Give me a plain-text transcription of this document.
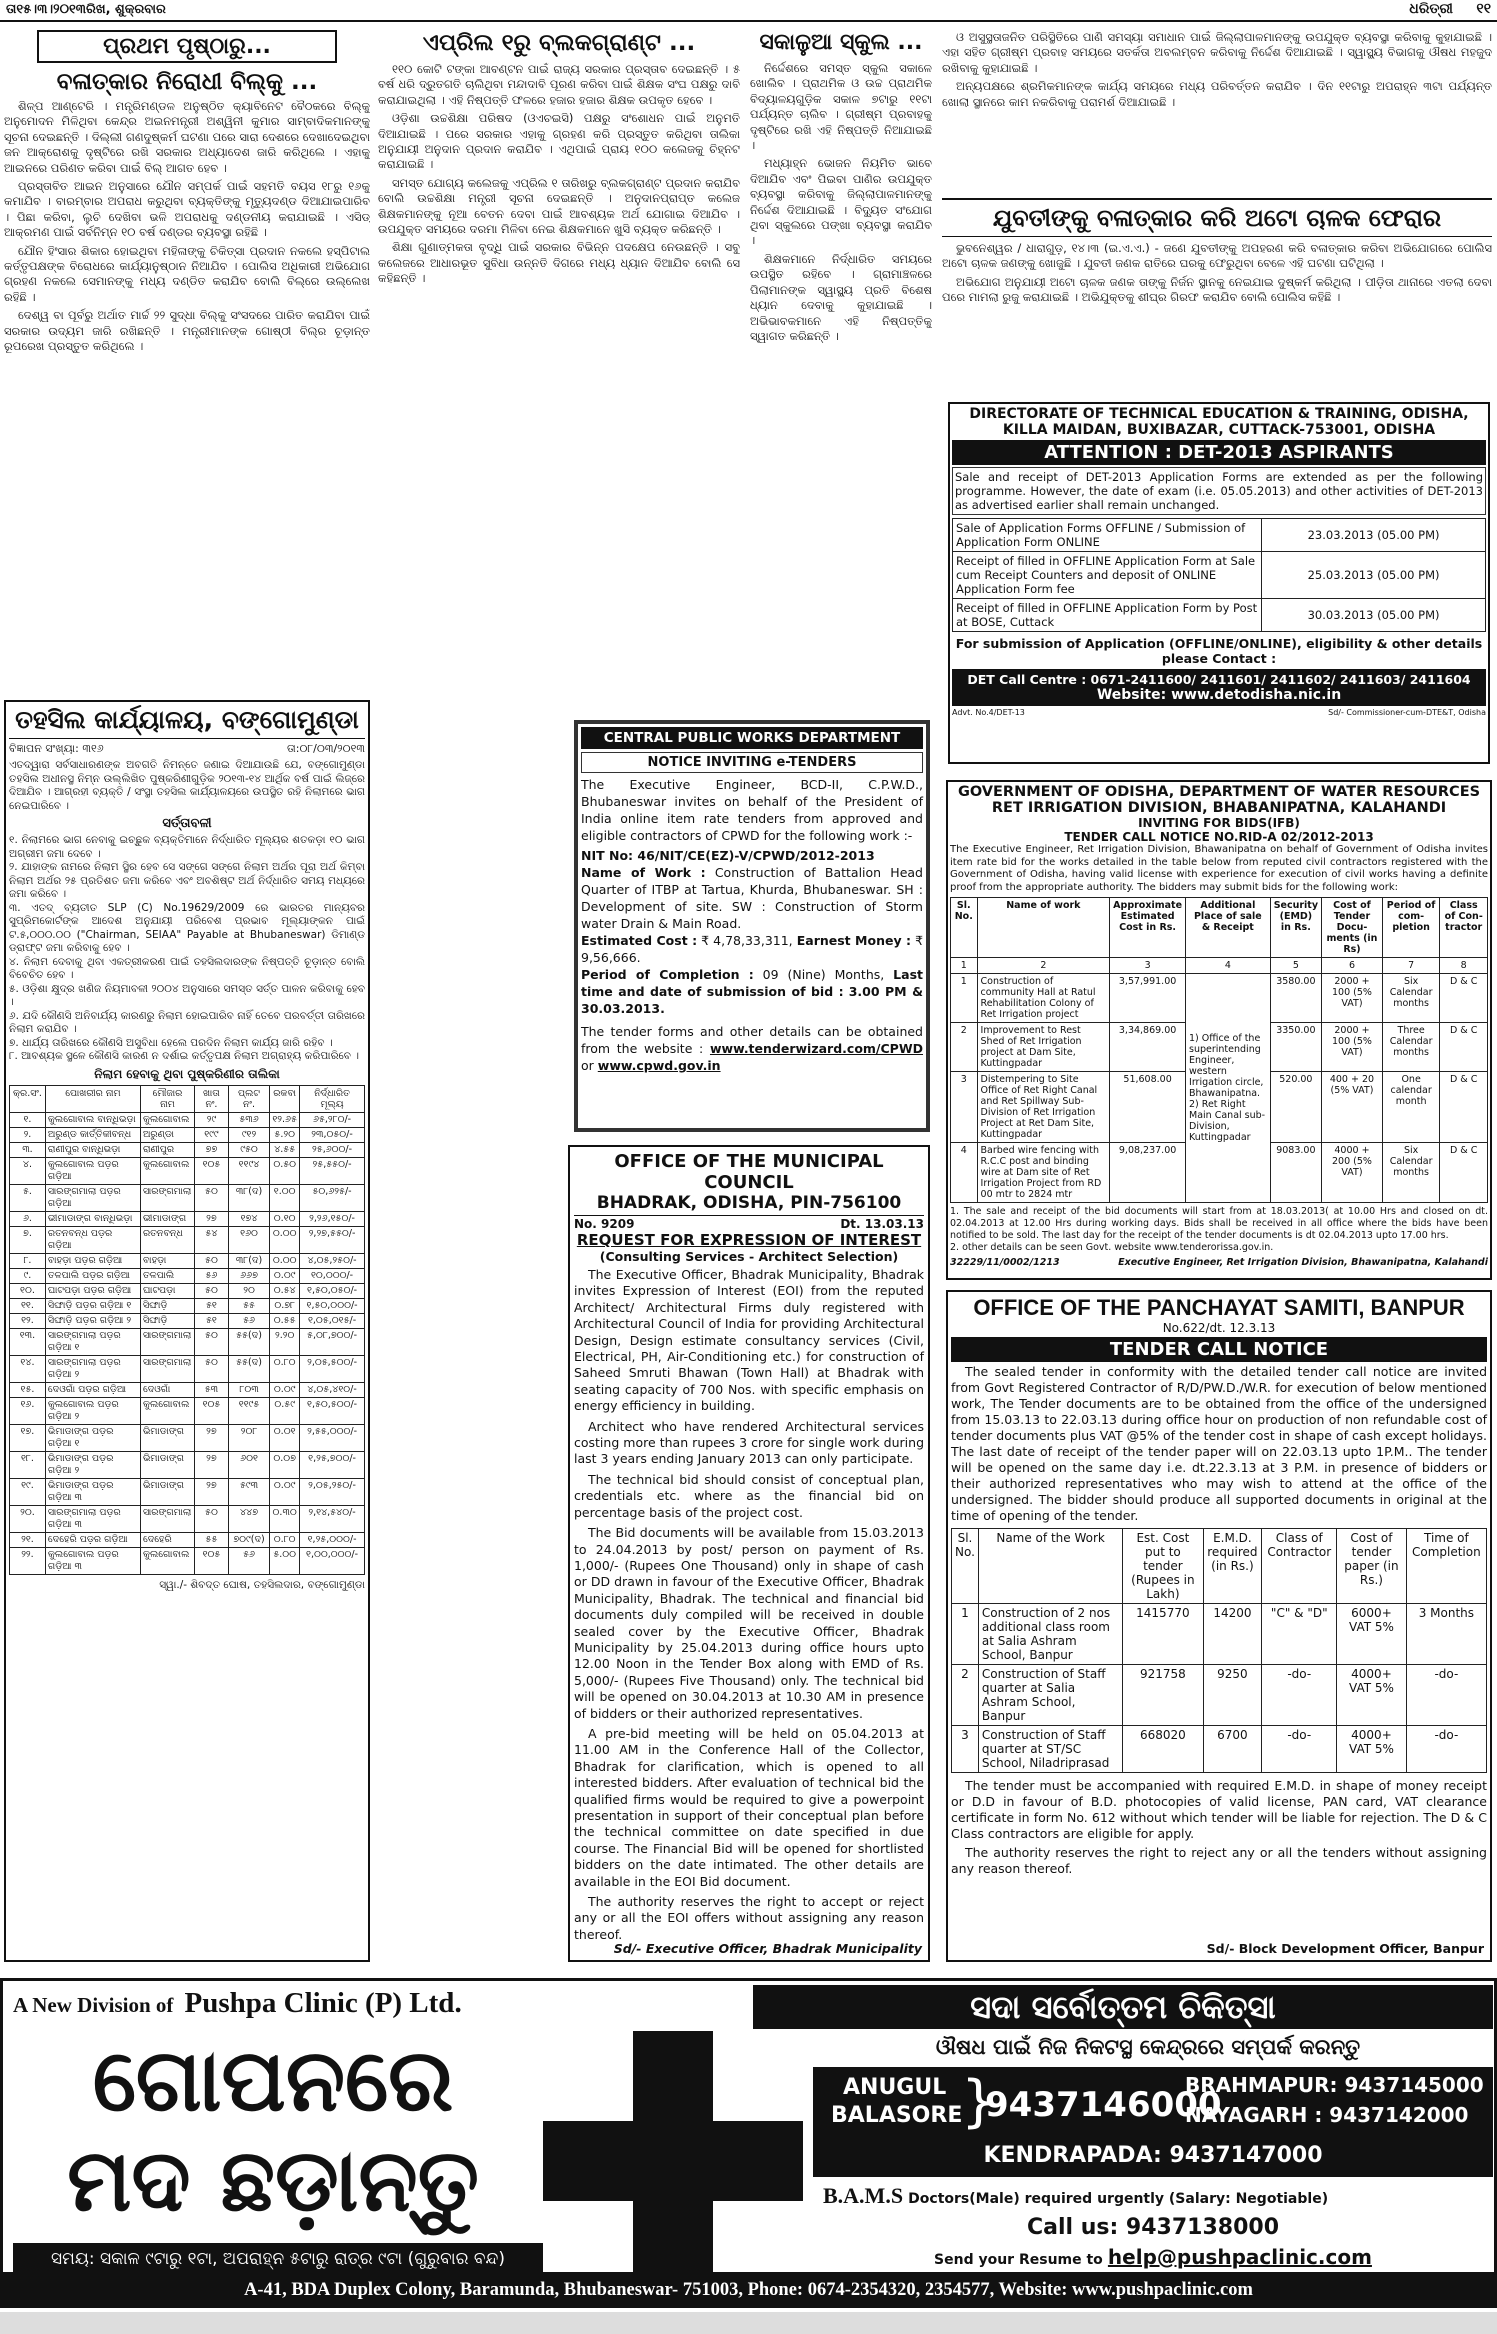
ତା୧୫।୩।୨୦୧୩ରିଖ, ଶୁକ୍ରବାର	ଧରିତ୍ରୀ ୧୧
ପ୍ରଥମ ପୃଷ୍ଠାରୁ...
ବଳାତ୍କାର ନିରୋଧୀ ବିଲ୍‌କୁ ...

ଶିଳ୍ପ ଆଣ୍ଟେରି । ମନ୍ତ୍ରିମଣ୍ଡଳ ଅନୁଷ୍ଠିତ କ୍ୟାବିନେଟ ବୈଠକରେ ବିଲ୍‌କୁ ଅନୁମୋଦନ ମିଳିଥିବା କେନ୍ଦ୍ର ଅଇନମନ୍ତ୍ରୀ ଅଶ୍ୱିନୀ କୁମାର ସାମ୍ବାଦିକମାନଙ୍କୁ ସୂଚନା ଦେଇଛନ୍ତି । ଦିଲ୍ଲୀ ଗଣଦୁଷ୍କର୍ମ ଘଟଣା ପରେ ସାରା ଦେଶରେ ଦେଖାଦେଇଥିବା ଜନ ଆକ୍ରୋଶକୁ ଦୃଷ୍ଟିରେ ରଖି ସରକାର ଅଧ୍ୟାଦେଶ ଜାରି କରିଥିଲେ । ଏହାକୁ ଆଇନରେ ପରିଣତ କରିବା ପାଇଁ ବିଲ୍ ଆଗତ ହେବ ।

ପ୍ରସ୍ତାବିତ ଆଇନ ଅନୁସାରେ ଯୌନ ସମ୍ପର୍କ ପାଇଁ ସହମତି ବୟସ ୧୮ରୁ ୧୬କୁ କମାଯିବ । ବାରମ୍ବାର ଅପରାଧ କରୁଥିବା ବ୍ୟକ୍ତିଙ୍କୁ ମୃତ୍ୟୁଦଣ୍ଡ ଦିଆଯାଇପାରିବ । ପିଛା କରିବା, ଲୁଚି ଦେଖିବା ଭଳି ଅପରାଧକୁ ଦଣ୍ଡନୀୟ କରାଯାଇଛି । ଏସିଡ୍ ଆକ୍ରମଣ ପାଇଁ ସର୍ବନିମ୍ନ ୧୦ ବର୍ଷ ଦଣ୍ଡର ବ୍ୟବସ୍ଥା ରହିଛି ।

ଯୌନ ହିଂସାର ଶିକାର ହୋଇଥିବା ମହିଳାଙ୍କୁ ଚିକିତ୍ସା ପ୍ରଦାନ ନକଲେ ହସ୍ପିଟାଲ କର୍ତ୍ତୃପକ୍ଷଙ୍କ ବିରୋଧରେ କାର୍ଯ୍ୟାନୁଷ୍ଠାନ ନିଆଯିବ । ପୋଲିସ ଅଧିକାରୀ ଅଭିଯୋଗ ଗ୍ରହଣ ନକଲେ ସେମାନଙ୍କୁ ମଧ୍ୟ ଦଣ୍ଡିତ କରାଯିବ ବୋଲି ବିଲ୍‌ରେ ଉଲ୍ଲେଖ ରହିଛି ।

ଦେଶ୍ୱ ବା ପୂର୍ବରୁ ଅର୍ଥାତ ମାର୍ଚ୍ଚ ୨୨ ସୁଦ୍ଧା ବିଲ୍‌କୁ ସଂସଦରେ ପାରିତ କରାଯିବା ପାଇଁ ସରକାର ଉଦ୍ୟମ ଜାରି ରଖିଛନ୍ତି । ମନ୍ତ୍ରୀମାନଙ୍କ ଗୋଷ୍ଠୀ ବିଲ୍‌ର ଚୂଡ଼ାନ୍ତ ରୂପରେଖ ପ୍ରସ୍ତୁତ କରିଥିଲେ ।

ଏପ୍ରିଲ ୧ରୁ ବ୍ଲକଗ୍ରାଣ୍ଟ ...

୧୧୦ କୋଟି ଟଙ୍କା ଆବଣ୍ଟନ ପାଇଁ ରାଜ୍ୟ ସରକାର ପ୍ରସ୍ତାବ ଦେଇଛନ୍ତି । ୫ ବର୍ଷ ଧରି ଦ୍ରୁତଗତି ଚାଲିଥିବା ମନ୍ଦାଦାବି ପୂରଣ କରିବା ପାଇଁ ଶିକ୍ଷକ ସଂଘ ପକ୍ଷରୁ ଦାବି କରାଯାଇଥିଲା । ଏହି ନିଷ୍ପତ୍ତି ଫଳରେ ହଜାର ହଜାର ଶିକ୍ଷକ ଉପକୃତ ହେବେ ।

ଓଡ଼ିଶା ଉଚ୍ଚଶିକ୍ଷା ପରିଷଦ (ଓଏଚଇସି) ପକ୍ଷରୁ ସଂଶୋଧନ ପାଇଁ ଅନୁମତି ଦିଆଯାଇଛି । ପରେ ସରକାର ଏହାକୁ ଗ୍ରହଣ କରି ପ୍ରସ୍ତୁତ କରିଥିବା ତାଲିକା ଅନୁଯାୟୀ ଅନୁଦାନ ପ୍ରଦାନ କରାଯିବ । ଏଥିପାଇଁ ପ୍ରାୟ ୧୦୦ କଲେଜକୁ ଚିହ୍ନଟ କରାଯାଇଛି ।

ସମସ୍ତ ଯୋଗ୍ୟ କଲେଜକୁ ଏପ୍ରିଲ ୧ ତାରିଖରୁ ବ୍ଲକଗ୍ରାଣ୍ଟ ପ୍ରଦାନ କରାଯିବ ବୋଲି ଉଚ୍ଚଶିକ୍ଷା ମନ୍ତ୍ରୀ ସୂଚନା ଦେଇଛନ୍ତି । ଅନୁଦାନପ୍ରାପ୍ତ କଲେଜ ଶିକ୍ଷକମାନଙ୍କୁ ନୂଆ ବେତନ ଦେବା ପାଇଁ ଆବଶ୍ୟକ ଅର୍ଥ ଯୋଗାଇ ଦିଆଯିବ । ଉପଯୁକ୍ତ ସମୟରେ ଦରମା ମିଳିବା ନେଇ ଶିକ୍ଷକମାନେ ଖୁସି ବ୍ୟକ୍ତ କରିଛନ୍ତି ।

ଶିକ୍ଷା ଗୁଣାତ୍ମକତା ବୃଦ୍ଧି ପାଇଁ ସରକାର ବିଭିନ୍ନ ପଦକ୍ଷେପ ନେଉଛନ୍ତି । ସବୁ କଲେଜରେ ଆଧାରଭୂତ ସୁବିଧା ଉନ୍ନତି ଦିଗରେ ମଧ୍ୟ ଧ୍ୟାନ ଦିଆଯିବ ବୋଲି ସେ କହିଛନ୍ତି ।

ସକାଳୁଆ ସ୍କୁଲ ...

ନିର୍ଦ୍ଦେଶରେ ସମସ୍ତ ସ୍କୁଲ ସକାଳେ ଖୋଲିବ । ପ୍ରାଥମିକ ଓ ଉଚ୍ଚ ପ୍ରାଥମିକ ବିଦ୍ୟାଳୟଗୁଡ଼ିକ ସକାଳ ୭ଟାରୁ ୧୧ଟା ପର୍ଯ୍ୟନ୍ତ ଚାଲିବ । ଗ୍ରୀଷ୍ମ ପ୍ରବାହକୁ ଦୃଷ୍ଟିରେ ରଖି ଏହି ନିଷ୍ପତ୍ତି ନିଆଯାଇଛି ।

ମଧ୍ୟାହ୍ନ ଭୋଜନ ନିୟମିତ ଭାବେ ଦିଆଯିବ ଏବଂ ପିଇବା ପାଣିର ଉପଯୁକ୍ତ ବ୍ୟବସ୍ଥା କରିବାକୁ ଜିଲ୍ଲାପାଳମାନଙ୍କୁ ନିର୍ଦ୍ଦେଶ ଦିଆଯାଇଛି । ବିଦ୍ୟୁତ ସଂଯୋଗ ଥିବା ସ୍କୁଲରେ ପଙ୍ଖା ବ୍ୟବସ୍ଥା କରାଯିବ ।

ଶିକ୍ଷକମାନେ ନିର୍ଦ୍ଧାରିତ ସମୟରେ ଉପସ୍ଥିତ ରହିବେ । ଗ୍ରାମାଞ୍ଚଳରେ ପିଲାମାନଙ୍କ ସ୍ୱାସ୍ଥ୍ୟ ପ୍ରତି ବିଶେଷ ଧ୍ୟାନ ଦେବାକୁ କୁହାଯାଇଛି । ଅଭିଭାବକମାନେ ଏହି ନିଷ୍ପତ୍ତିକୁ ସ୍ୱାଗତ କରିଛନ୍ତି ।

ଓ ଅସୁସ୍ଥତାଜନିତ ପରିସ୍ଥିତିରେ ପାଣି ସମସ୍ୟା ସମାଧାନ ପାଇଁ ଜିଲ୍ଲାପାଳମାନଙ୍କୁ ଉପଯୁକ୍ତ ବ୍ୟବସ୍ଥା କରିବାକୁ କୁହାଯାଇଛି । ଏହା ସହିତ ଗ୍ରୀଷ୍ମ ପ୍ରବାହ ସମୟରେ ସତର୍କତା ଅବଲମ୍ବନ କରିବାକୁ ନିର୍ଦ୍ଦେଶ ଦିଆଯାଇଛି । ସ୍ୱାସ୍ଥ୍ୟ ବିଭାଗକୁ ଔଷଧ ମହଜୁଦ ରଖିବାକୁ କୁହାଯାଇଛି ।

ଅନ୍ୟପକ୍ଷରେ ଶ୍ରମିକମାନଙ୍କ କାର୍ଯ୍ୟ ସମୟରେ ମଧ୍ୟ ପରିବର୍ତ୍ତନ କରାଯିବ । ଦିନ ୧୧ଟାରୁ ଅପରାହ୍ନ ୩ଟା ପର୍ଯ୍ୟନ୍ତ ଖୋଲା ସ୍ଥାନରେ କାମ ନକରିବାକୁ ପରାମର୍ଶ ଦିଆଯାଇଛି ।

ଯୁବତୀଙ୍କୁ ବଳାତ୍କାର କରି ଅଟୋ ଚାଳକ ଫେରାର

ଭୁବନେଶ୍ୱର / ଧାରାଗୁଡ଼, ୧୪।୩ (ଇ.ଏ.ଏ.) - ଜଣେ ଯୁବତୀଙ୍କୁ ଅପହରଣ କରି ବଳାତ୍କାର କରିବା ଅଭିଯୋଗରେ ପୋଲିସ ଅଟୋ ଚାଳକ ଜଣଙ୍କୁ ଖୋଜୁଛି । ଯୁବତୀ ଜଣକ ରାତିରେ ଘରକୁ ଫେରୁଥିବା ବେଳେ ଏହି ଘଟଣା ଘଟିଥିଲା ।

ଅଭିଯୋଗ ଅନୁଯାୟୀ ଅଟୋ ଚାଳକ ଜଣକ ତାଙ୍କୁ ନିର୍ଜନ ସ୍ଥାନକୁ ନେଇଯାଇ ଦୁଷ୍କର୍ମ କରିଥିଲା । ପୀଡ଼ିତା ଥାନାରେ ଏତଲା ଦେବା ପରେ ମାମଲା ରୁଜୁ କରାଯାଇଛି । ଅଭିଯୁକ୍ତକୁ ଶୀଘ୍ର ଗିରଫ କରାଯିବ ବୋଲି ପୋଲିସ କହିଛି ।

DIRECTORATE OF TECHNICAL EDUCATION & TRAINING, ODISHA,
KILLA MAIDAN, BUXIBAZAR, CUTTACK-753001, ODISHA
ATTENTION : DET-2013 ASPIRANTS
Sale and receipt of DET-2013 Application Forms are extended as per the following programme. However, the date of exam (i.e. 05.05.2013) and other activities of DET-2013 as advertised earlier shall remain unchanged.
Sale of Application Forms OFFLINE / Submission of Application Form ONLINE	23.03.2013 (05.00 PM)
Receipt of filled in OFFLINE Application Form at Sale cum Receipt Counters and deposit of ONLINE Application Form fee	25.03.2013 (05.00 PM)
Receipt of filled in OFFLINE Application Form by Post at BOSE, Cuttack	30.03.2013 (05.00 PM)
For submission of Application (OFFLINE/ONLINE), eligibility & other details please Contact :
DET Call Centre : 0671-2411600/ 2411601/ 2411602/ 2411603/ 2411604
Website: www.detodisha.nic.in
Advt. No.4/DET-13	Sd/- Commissioner-cum-DTE&T, Odisha
ତହସିଲ କାର୍ଯ୍ୟାଳୟ, ବଙ୍ଗୋମୁଣ୍ଡା
ବିଜ୍ଞାପନ ସଂଖ୍ୟା: ୩୧୬	ତା:୦୮/୦୩/୨୦୧୩
ଏତଦ୍ୱାରା ସର୍ବସାଧାରଣଙ୍କ ଅବଗତି ନିମନ୍ତେ ଜଣାଇ ଦିଆଯାଉଛି ଯେ, ବଙ୍ଗୋମୁଣ୍ଡା ତହସିଲ ଅଧୀନସ୍ଥ ନିମ୍ନ ଉଲ୍ଲିଖିତ ପୁଷ୍କରିଣୀଗୁଡ଼ିକ ୨୦୧୩-୧୪ ଆର୍ଥିକ ବର୍ଷ ପାଇଁ ଲିଜ୍‌ରେ ଦିଆଯିବ । ଆଗ୍ରହୀ ବ୍ୟକ୍ତି / ସଂସ୍ଥା ତହସିଲ କାର୍ଯ୍ୟାଳୟରେ ଉପସ୍ଥିତ ରହି ନିଲାମରେ ଭାଗ ନେଇପାରିବେ ।
ସର୍ତ୍ତାବଳୀ
୧. ନିଲାମରେ ଭାଗ ନେବାକୁ ଇଚ୍ଛୁକ ବ୍ୟକ୍ତିମାନେ ନିର୍ଦ୍ଧାରିତ ମୂଲ୍ୟର ଶତକଡ଼ା ୧୦ ଭାଗ ଅଗ୍ରୀମ ଜମା ଦେବେ ।
୨. ଯାହାଙ୍କ ନାମରେ ନିଲାମ ସ୍ଥିର ହେବ ସେ ସଙ୍ଗେ ସଙ୍ଗେ ନିଲାମ ଅର୍ଥର ପୂରା ଅର୍ଥ କିମ୍ବା ନିଲାମ ଅର୍ଥର ୨୫ ପ୍ରତିଶତ ଜମା କରିବେ ଏବଂ ଅବଶିଷ୍ଟ ଅର୍ଥ ନିର୍ଦ୍ଧାରିତ ସମୟ ମଧ୍ୟରେ ଜମା କରିବେ ।
୩. ଏତଦ୍ ବ୍ୟତୀତ SLP (C) No.19629/2009 ରେ ଭାରତର ମାନ୍ୟବର ସୁପ୍ରିମକୋର୍ଟଙ୍କ ଆଦେଶ ଅନୁଯାୟୀ ପରିବେଶ ପ୍ରଭାବ ମୂଲ୍ୟାଙ୍କନ ପାଇଁ ଟ.୫,୦୦୦.୦୦ ("Chairman, SEIAA" Payable at Bhubaneswar) ଡିମାଣ୍ଡ ଡ୍ରାଫ୍ଟ ଜମା କରିବାକୁ ହେବ ।
୪. ନିଲାମ ଦେବାକୁ ଥିବା ଏକତ୍ରୀକରଣ ପାଇଁ ତହସିଲଦାରଙ୍କ ନିଷ୍ପତ୍ତି ଚୂଡ଼ାନ୍ତ ବୋଲି ବିବେଚିତ ହେବ ।
୫. ଓଡ଼ିଶା କ୍ଷୁଦ୍ର ଖଣିଜ ନିୟମାବଳୀ ୨୦୦୪ ଅନୁସାରେ ସମସ୍ତ ସର୍ତ୍ତ ପାଳନ କରିବାକୁ ହେବ ।
୬. ଯଦି କୌଣସି ଅନିବାର୍ଯ୍ୟ କାରଣରୁ ନିଲାମ ହୋଇପାରିବ ନାହିଁ ତେବେ ପରବର୍ତ୍ତୀ ତାରିଖରେ ନିଲାମ କରାଯିବ ।
୭. ଧାର୍ଯ୍ୟ ତାରିଖରେ କୌଣସି ଅସୁବିଧା ହେଲେ ପରଦିନ ନିଲାମ କାର୍ଯ୍ୟ ଜାରି ରହିବ ।
୮. ଆବଶ୍ୟକ ସ୍ଥଳେ କୌଣସି କାରଣ ନ ଦର୍ଶାଇ କର୍ତ୍ତୃପକ୍ଷ ନିଲାମ ଅଗ୍ରାହ୍ୟ କରିପାରିବେ ।
ନିଲାମ ହେବାକୁ ଥିବା ପୁଷ୍କରିଣୀର ତାଲିକା
କ୍ର.ସଂ.	ପୋଖରୀର ନାମ	ମୌଜାର ନାମ	ଖାତା ନଂ.	ପ୍ଲଟ ନଂ.	ରକବା	ନିର୍ଦ୍ଧାରିତ ମୂଲ୍ୟ
୧.	କୁଲଗୋବାଲ ବାନ୍ଧିଭଡ଼ା	କୁଲଗୋବାଲ	୨୯	୫୩୬	୧୨.୬୫	୬୫,୨୮୦/-
୨.	ଅରୁଣ୍ଡ କାର୍ତ୍ତିକୀବନ୍ଧ	ଅରୁଣ୍ଡା	୧୯୯	୯୧୨	୫.୨୦	୨୩,୦୫୦/-
୩.	ରାଣୀପୁର ବାନ୍ଧିଭଡ଼ା	ରାଣୀପୁର	୭୭	୯୫୦	୪.୫୫	୨୫,୬୦୦/-
୪.	କୁଲଗୋବାଲ ପଡ଼ର ଗଡ଼ିଆ	କୁଲଗୋବାଲ	୧୦୫	୧୧୯୪	୦.୫୦	୨୫,୫୫୦/-
୫.	ସାରଙ୍ଗମାଲା ପଡ଼ର ଗଡ଼ିଆ	ସାରଙ୍ଗମାଲା	୫୦	୩୮(ଦ)	୧.୦୦	୫୦,୬୨୫/-
୬.	ଭୀମାଡାଙ୍ଗ ବାନ୍ଧିଭଡ଼ା	ଭୀମାଡାଙ୍ଗ	୨୭	୧୭୪	୦.୧୦	୨,୨୬,୧୫୦/-
୭.	ରତନବନ୍ଧ ପଡ଼ର ଗଡ଼ିଆ	ରତନବନ୍ଧ	୫୪	୧୬୦	୦.୦୦	୨,୨୭,୫୫୦/-
୮.	ବାହଡ଼ା ପଡ଼ର ଗଡ଼ିଆ	ବାହଡ଼ା	୫୦	୩୮(ଦ)	୦.୦୦	୪,୦୫,୨୫୦/-
୯.	ତଳପାଲି ପଡ଼ର ଗଡ଼ିଆ	ତଳପାଲି	୫୬	୬୬୭	୦.୦୯	୧୦,୦୦୦/-
୧୦.	ଘାଟପଡ଼ା ପଡ଼ର ଗଡ଼ିଆ	ଘାଟପଡ଼ା	୫୦	୨୦	୦.୫୪	୧,୫୦,୦୫୦/-
୧୧.	ସିଙ୍ଘାଡ଼ି ପଡ଼ର ଗଡ଼ିଆ ୧	ସିଙ୍ଘାଡ଼ି	୫୧	୫୫	୦.୭୮	୧,୫୦,୦୦୦/-
୧୨.	ସିଙ୍ଘାଡ଼ି ପଡ଼ର ଗଡ଼ିଆ ୨	ସିଙ୍ଘାଡ଼ି	୫୧	୫୬	୦.୫୫	୧,୦୫,୦୧୫/-
୧୩.	ସାରଙ୍ଗମାଲା ପଡ଼ର ଗଡ଼ିଆ ୧	ସାରଙ୍ଗମାଲା	୫୦	୫୫(ଦ)	୨.୨୦	୫,୦୮,୭୦୦/-
୧୪.	ସାରଙ୍ଗମାଲା ପଡ଼ର ଗଡ଼ିଆ ୨	ସାରଙ୍ଗମାଲା	୫୦	୫୫(ଦ)	୦.୮୦	୨,୦୫,୫୦୦/-
୧୫.	ଦେଓଗାଁ ପଡ଼ର ଗଡ଼ିଆ	ଦେଓଗାଁ	୫୩	୮୦୩	୦.୦୯	୪,୦୫,୪୧୦/-
୧୬.	କୁଲଗୋବାଲ ପଡ଼ର ଗଡ଼ିଆ ୨	କୁଲଗୋବାଲ	୧୦୫	୧୧୯୫	୦.୫୯	୧,୫୦,୫୦୦/-
୧୭.	ଭିମାଡାଙ୍ଗ ପଡ଼ର ଗଡ଼ିଆ ୧	ଭିମାଡାଙ୍ଗ	୨୭	୨୦୮	୦.୦୧	୨,୫୫,୦୦୦/-
୧୮.	ଭିମାଡାଙ୍ଗ ପଡ଼ର ଗଡ଼ିଆ ୨	ଭିମାଡାଙ୍ଗ	୨୭	୬୦୧	୦.୦୭	୧,୨୫,୭୦୦/-
୧୯.	ଭିମାଡାଙ୍ଗ ପଡ଼ର ଗଡ଼ିଆ ୩	ଭିମାଡାଙ୍ଗ	୨୭	୫୯୩	୦.୦୯	୨,୦୫,୨୫୦/-
୨୦.	ସାରଙ୍ଗମାଲା ପଡ଼ର ଗଡ଼ିଆ ୩	ସାରଙ୍ଗମାଲା	୫୦	୪୪୭	୦.୩୦	୨,୧୪,୫୪୦/-
୨୧.	ଦେହେରି ପଡ଼ର ଗଡ଼ିଆ	ଦେହେରି	୫୫	୭୦୯(ଦ)	୦.୮୦	୧,୨୫,୦୦୦/-
୨୨.	କୁଲଗୋବାଲ ପଡ଼ର ଗଡ଼ିଆ ୩	କୁଲଗୋବାଲ	୧୦୫	୫୬	୫.୦୦	୧,୦୦,୦୦୦/-
ସ୍ୱା./- ଶିବଦ୍ତ ଘୋଷ, ତହସିଲଦାର, ବଙ୍ଗୋମୁଣ୍ଡା
CENTRAL PUBLIC WORKS DEPARTMENT
NOTICE INVITING e-TENDERS
The Executive Engineer, BCD-II, C.P.W.D., Bhubaneswar invites on behalf of the President of India online item rate tenders from approved and eligible contractors of CPWD for the following work :-
NIT No: 46/NIT/CE(EZ)-V/CPWD/2012-2013
Name of Work : Construction of Battalion Head Quarter of ITBP at Tartua, Khurda, Bhubaneswar. SH : Development of site. SW : Construction of Storm water Drain & Main Road.
Estimated Cost : ₹ 4,78,33,311, Earnest Money : ₹ 9,56,666.
Period of Completion : 09 (Nine) Months, Last time and date of submission of bid : 3.00 PM & 30.03.2013.
The tender forms and other details can be obtained from the website : www.tenderwizard.com/CPWD or www.cpwd.gov.in
OFFICE OF THE MUNICIPAL COUNCIL
BHADRAK, ODISHA, PIN-756100
No. 9209	Dt. 13.03.13
REQUEST FOR EXPRESSION OF INTEREST
(Consulting Services - Architect Selection)

The Executive Officer, Bhadrak Municipality, Bhadrak invites Expression of Interest (EOI) from the reputed Architect/ Architectural Firms duly registered with Architectural Council of India for providing Architectural Design, Design estimate consultancy services (Civil, Electrical, PH, Air-Conditioning etc.) for construction of Saheed Smruti Bhawan (Town Hall) at Bhadrak with seating capacity of 700 Nos. with specific emphasis on energy efficiency in building.

Architect who have rendered Architectural services costing more than rupees 3 crore for single work during last 3 years ending January 2013 can only participate.

The technical bid should consist of conceptual plan, credentials etc. where as the financial bid on percentage basis of the project cost.

The Bid documents will be available from 15.03.2013 to 24.04.2013 by post/ person on payment of Rs. 1,000/- (Rupees One Thousand) only in shape of cash or DD drawn in favour of the Executive Officer, Bhadrak Municipality, Bhadrak. The technical and financial bid documents duly compiled will be received in double sealed cover by the Executive Officer, Bhadrak Municipality by 25.04.2013 during office hours upto 12.00 Noon in the Tender Box along with EMD of Rs. 5,000/- (Rupees Five Thousand) only. The technical bid will be opened on 30.04.2013 at 10.30 AM in presence of bidders or their authorized representatives.

A pre-bid meeting will be held on 05.04.2013 at 11.00 AM in the Conference Hall of the Collector, Bhadrak for clarification, which is opened to all interested bidders. After evaluation of technical bid the qualified firms would be required to give a powerpoint presentation in support of their conceptual plan before the technical committee on date specified in due course. The Financial Bid will be opened for shortlisted bidders on the date intimated. The other details are available in the EOI Bid document.

The authority reserves the right to accept or reject any or all the EOI offers without assigning any reason thereof.

Sd/- Executive Officer, Bhadrak Municipality
GOVERNMENT OF ODISHA, DEPARTMENT OF WATER RESOURCES
RET IRRIGATION DIVISION, BHABANIPATNA, KALAHANDI
INVITING FOR BIDS(IFB)
TENDER CALL NOTICE NO.RID-A 02/2012-2013
The Executive Engineer, Ret Irrigation Division, Bhawanipatna on behalf of Government of Odisha invites item rate bid for the works detailed in the table below from reputed civil contractors registered with the Government of Odisha, having valid license with experience for execution of civil works having a definite proof from the appropriate authority. The bidders may submit bids for the following work:
Sl. No.	Name of work	Approximate Estimated Cost in Rs.	Additional Place of sale & Receipt	Security (EMD) in Rs.	Cost of Tender Docu-ments (in Rs)	Period of com-pletion	Class of Con-tractor
1	2	3	4	5	6	7	8
1	Construction of community Hall at Ratul Rehabilitation Colony of Ret Irrigation project	3,57,991.00	1) Office of the superintending Engineer, western Irrigation circle, Bhawanipatna. 2) Ret Right Main Canal sub-Division, Kuttingpadar	3580.00	2000 + 100 (5% VAT)	Six Calendar months	D & C
2	Improvement to Rest Shed of Ret Irrigation project at Dam Site, Kuttingpadar	3,34,869.00		3350.00	2000 + 100 (5% VAT)	Three Calendar months	D & C
3	Distempering to Site Office of Ret Right Canal and Ret Spillway Sub-Division of Ret Irrigation Project at Ret Dam Site, Kuttingpadar	51,608.00		520.00	400 + 20 (5% VAT)	One calendar month	D & C
4	Barbed wire fencing with R.C.C post and binding wire at Dam site of Ret Irrigation Project from RD 00 mtr to 2824 mtr	9,08,237.00		9083.00	4000 + 200 (5% VAT)	Six Calendar months	D & C
1. The sale and receipt of the bid documents will start from at 18.03.2013( at 10.00 Hrs and closed on dt. 02.04.2013 at 12.00 Hrs during working days. Bids shall be received in all office where the bids have been notified to be sold. The last day for the receipt of the tender documents is dt 02.04.2013 upto 17.00 hrs.
2. other details can be seen Govt. website www.tenderorissa.gov.in.
32229/11/0002/1213	Executive Engineer, Ret Irrigation Division, Bhawanipatna, Kalahandi
OFFICE OF THE PANCHAYAT SAMITI, BANPUR
No.622/dt. 12.3.13
TENDER CALL NOTICE
The sealed tender in conformity with the detailed tender call notice are invited from Govt Registered Contractor of R/D/PW.D./W.R. for execution of below mentioned work, The Tender documents are to be obtained from the office of the undersigned from 15.03.13 to 22.03.13 during office hour on production of non refundable cost of tender documents plus VAT @5% of the tender cost in shape of cash except holidays. The last date of receipt of the tender paper will on 22.03.13 upto 1P.M.. The tender will be opened on the same day i.e. dt.22.3.13 at 3 P.M. in presence of bidders or their authorized representatives who may wish to attend at the office of the undersigned. The bidder should produce all supported documents in original at the time of opening of the tender.
Sl. No.	Name of the Work	Est. Cost put to tender (Rupees in Lakh)	E.M.D. required (in Rs.)	Class of Contractor	Cost of tender paper (in Rs.)	Time of Completion
1	Construction of 2 nos additional class room at Salia Ashram School, Banpur	1415770	14200	"C" & "D"	6000+ VAT 5%	3 Months
2	Construction of Staff quarter at Salia Ashram School, Banpur	921758	9250	-do-	4000+ VAT 5%	-do-
3	Construction of Staff quarter at ST/SC School, Niladriprasad	668020	6700	-do-	4000+ VAT 5%	-do-
The tender must be accompanied with required E.M.D. in shape of money receipt or D.D in favour of B.D. photocopies of valid license, PAN card, VAT clearance certificate in form No. 612 without which tender will be liable for rejection. The D & C Class contractors are eligible for apply.
The authority reserves the right to reject any or all the tenders without assigning any reason thereof.
Sd/- Block Development Officer, Banpur
A New Division of Pushpa Clinic (P) Ltd.	ସଦା ସର୍ବୋତ୍ତମ ଚିକିତ୍ସା
ଗୋପନରେ
ମଦ ଛଡ଼ାନ୍ତୁ
ସମୟ: ସକାଳ ୯ଟାରୁ ୧ଟା, ଅପରାହ୍ନ ୫ଟାରୁ ରାତ୍ର ୯ଟା (ଗୁରୁବାର ବନ୍ଦ)
ଔଷଧ ପାଇଁ ନିଜ ନିକଟସ୍ଥ କେନ୍ଦ୍ରରେ ସମ୍ପର୍କ କରନ୍ତୁ
ANUGUL
BALASORE
}
9437146000
BRAHMAPUR: 9437145000
NAYAGARH : 9437142000
KENDRAPADA: 9437147000
B.A.M.S Doctors(Male) required urgently (Salary: Negotiable)
Call us: 9437138000
Send your Resume to help@pushpaclinic.com
A-41, BDA Duplex Colony, Baramunda, Bhubaneswar- 751003, Phone: 0674-2354320, 2354577, Website: www.pushpaclinic.com
